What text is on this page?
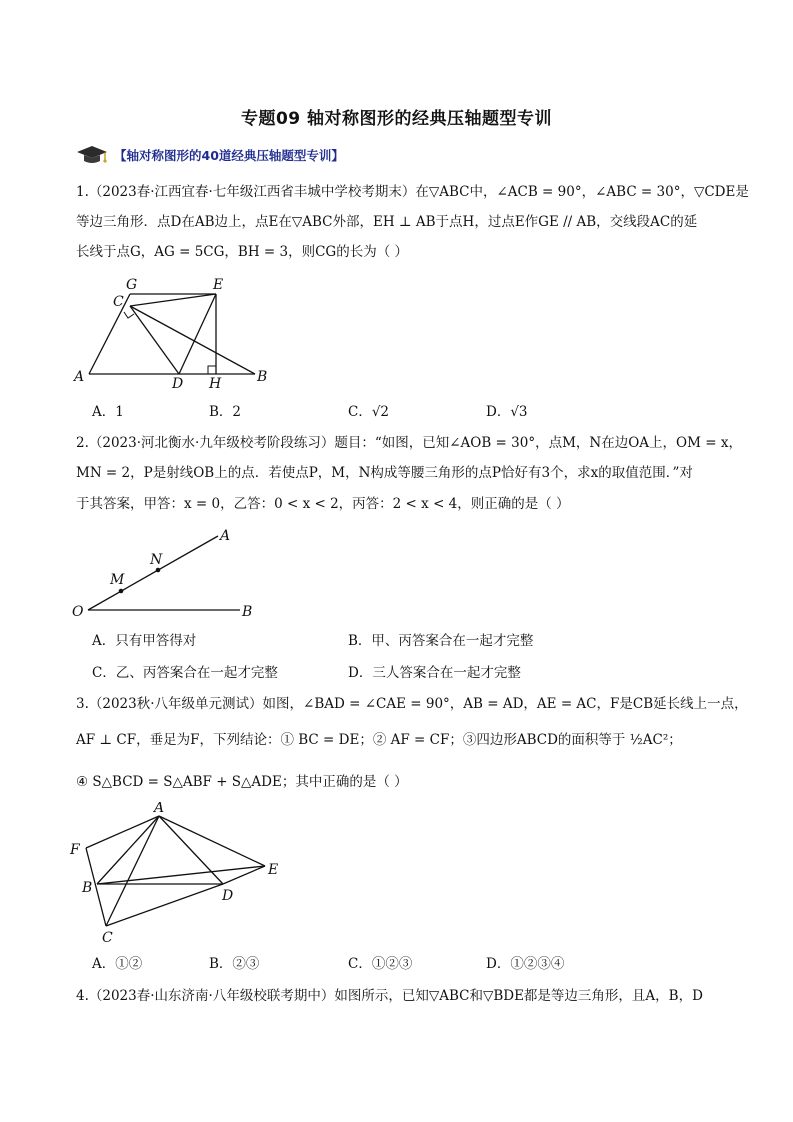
专题09 轴对称图形的经典压轴题型专训
【轴对称图形的40道经典压轴题型专训】
1.（2023春·江西宜春·七年级江西省丰城中学校考期末）在▽ABC中，∠ACB = 90°，∠ABC = 30°，▽CDE是
等边三角形．点D在AB边上，点E在▽ABC外部，EH ⊥ AB于点H，过点E作GE // AB，交线段AC的延
长线于点G，AG = 5CG，BH = 3，则CG的长为（ ）
G	E
C
A	D H	B
A．1	B．2	C．√2	D．√3
2.（2023·河北衡水·九年级校考阶段练习）题目：“如图，已知∠AOB = 30°，点M，N在边OA上，OM = x，
MN = 2，P是射线OB上的点．若使点P，M，N构成等腰三角形的点P恰好有3个，求x的取值范围．”对
于其答案，甲答：x = 0，乙答：0 < x < 2，丙答：2 < x < 4，则正确的是（ ）
A
N
M
O	B
A．只有甲答得对	B．甲、丙答案合在一起才完整
C．乙、丙答案合在一起才完整	D．三人答案合在一起才完整
3.（2023秋·八年级单元测试）如图，∠BAD = ∠CAE = 90°，AB = AD，AE = AC，F是CB延长线上一点，
AF ⊥ CF，垂足为F，下列结论：① BC = DE；② AF = CF；③四边形ABCD的面积等于 ½AC²；
④ S△BCD = S△ABF + S△ADE；其中正确的是（ ）
A
F
E
B	D
C
A．①②	B．②③	C．①②③	D．①②③④
4.（2023春·山东济南·八年级校联考期中）如图所示，已知▽ABC和▽BDE都是等边三角形，且A，B，D
